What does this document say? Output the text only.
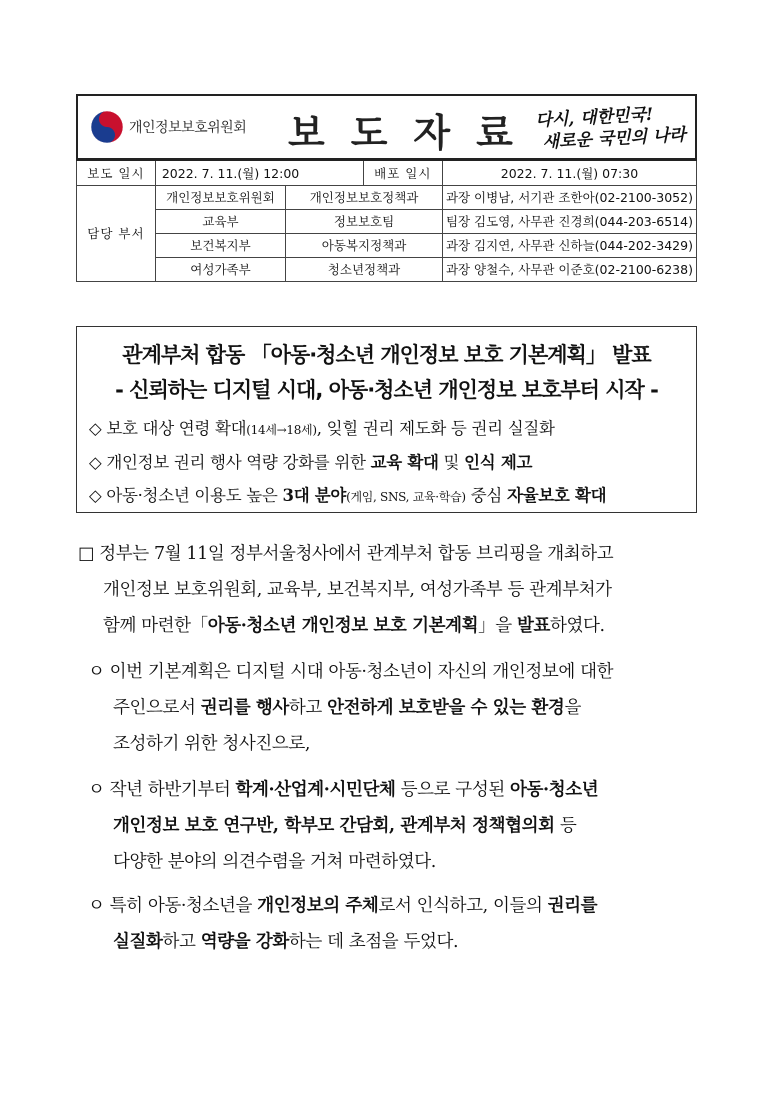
개인정보보호위원회 보도자료
다시, 대한민국!
새로운 국민의 나라
보도 일시	2022. 7. 11.(월) 12:00		배포 일시	2022. 7. 11.(월) 07:30
담당 부서	개인정보보호위원회	개인정보보호정책과		과장 이병남, 서기관 조한아(02-2100-3052)
	교육부	정보보호팀		팀장 김도영, 사무관 진경희(044-203-6514)
	보건복지부	아동복지정책과		과장 김지연, 사무관 신하늘(044-202-3429)
	여성가족부	청소년정책과		과장 양철수, 사무관 이준호(02-2100-6238)
관계부처 합동 「아동·청소년 개인정보 보호 기본계획」 발표
- 신뢰하는 디지털 시대, 아동·청소년 개인정보 보호부터 시작 -
◇ 보호 대상 연령 확대(14세→18세), 잊힐 권리 제도화 등 권리 실질화
◇ 개인정보 권리 행사 역량 강화를 위한 교육 확대 및 인식 제고
◇ 아동·청소년 이용도 높은 3대 분야(게임, SNS, 교육·학습) 중심 자율보호 확대
□ 정부는 7월 11일 정부서울청사에서 관계부처 합동 브리핑을 개최하고
개인정보 보호위원회, 교육부, 보건복지부, 여성가족부 등 관계부처가
함께 마련한「아동·청소년 개인정보 보호 기본계획」을 발표하였다.
ㅇ 이번 기본계획은 디지털 시대 아동·청소년이 자신의 개인정보에 대한
주인으로서 권리를 행사하고 안전하게 보호받을 수 있는 환경을
조성하기 위한 청사진으로,
ㅇ 작년 하반기부터 학계·산업계·시민단체 등으로 구성된 아동·청소년
개인정보 보호 연구반, 학부모 간담회, 관계부처 정책협의회 등
다양한 분야의 의견수렴을 거쳐 마련하였다.
ㅇ 특히 아동·청소년을 개인정보의 주체로서 인식하고, 이들의 권리를
실질화하고 역량을 강화하는 데 초점을 두었다.
